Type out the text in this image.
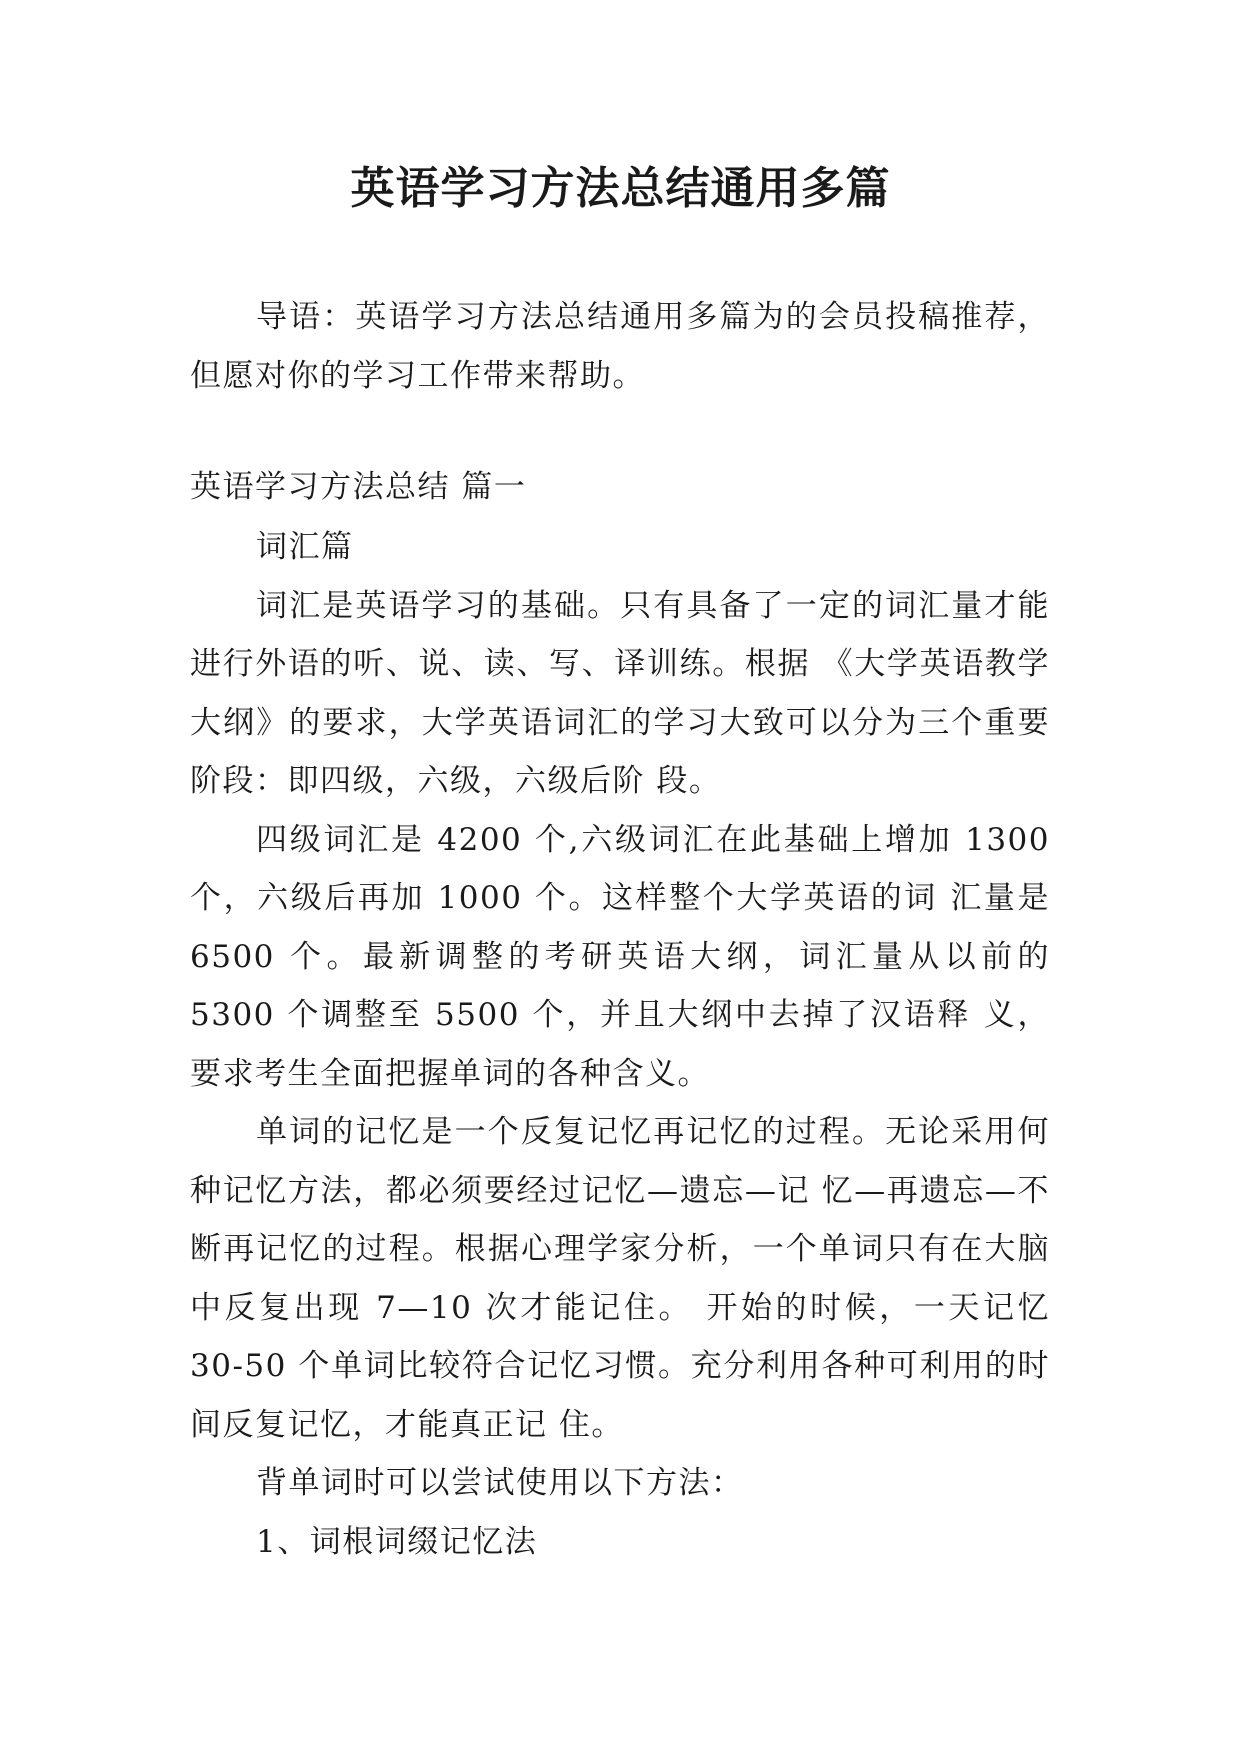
英语学习方法总结通用多篇

导语：英语学习方法总结通用多篇为的会员投稿推荐，但愿对你的学习工作带来帮助。

英语学习方法总结 篇一

词汇篇

词汇是英语学习的基础。只有具备了一定的词汇量才能进行外语的听、说、读、写、译训练。根据 《大学英语教学大纲》的要求，大学英语词汇的学习大致可以分为三个重要阶段：即四级，六级，六级后阶 段。

四级词汇是 4200 个,六级词汇在此基础上增加 1300 个，六级后再加 1000 个。这样整个大学英语的词 汇量是 6500 个。最新调整的考研英语大纲，词汇量从以前的 5300 个调整至 5500 个，并且大纲中去掉了汉语释 义，要求考生全面把握单词的各种含义。

单词的记忆是一个反复记忆再记忆的过程。无论采用何种记忆方法，都必须要经过记忆—遗忘—记 忆—再遗忘—不断再记忆的过程。根据心理学家分析，一个单词只有在大脑中反复出现 7—10 次才能记住。 开始的时候，一天记忆 30-50 个单词比较符合记忆习惯。充分利用各种可利用的时间反复记忆，才能真正记 住。

背单词时可以尝试使用以下方法：

1、词根词缀记忆法
